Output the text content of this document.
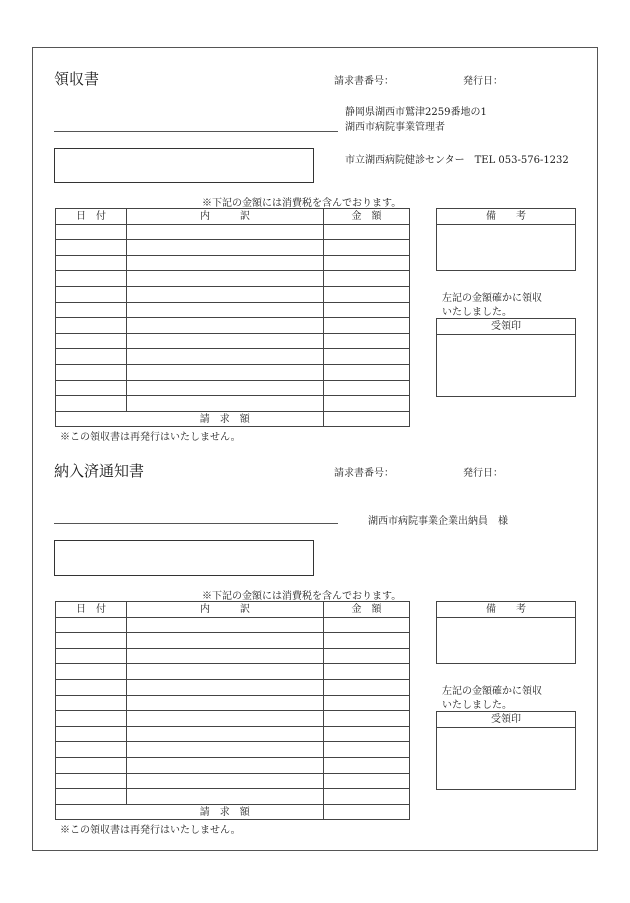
領収書	請求書番号：	発行日：
静岡県湖西市鷲津2259番地の1
湖西市病院事業管理者
市立湖西病院健診センター　TEL 053-576-1232
※下記の金額には消費税を含んでおります。
日　付	内　　　訳	金　額

	請　求　額	
※この領収書は再発行はいたしません。
備　　考
左記の金額確かに領収
いたしました。
受領印
納入済通知書	請求書番号：	発行日：
湖西市病院事業企業出納員　様
※下記の金額には消費税を含んでおります。
日　付	内　　　訳	金　額

	請　求　額	
※この領収書は再発行はいたしません。
備　　考
左記の金額確かに領収
いたしました。
受領印
